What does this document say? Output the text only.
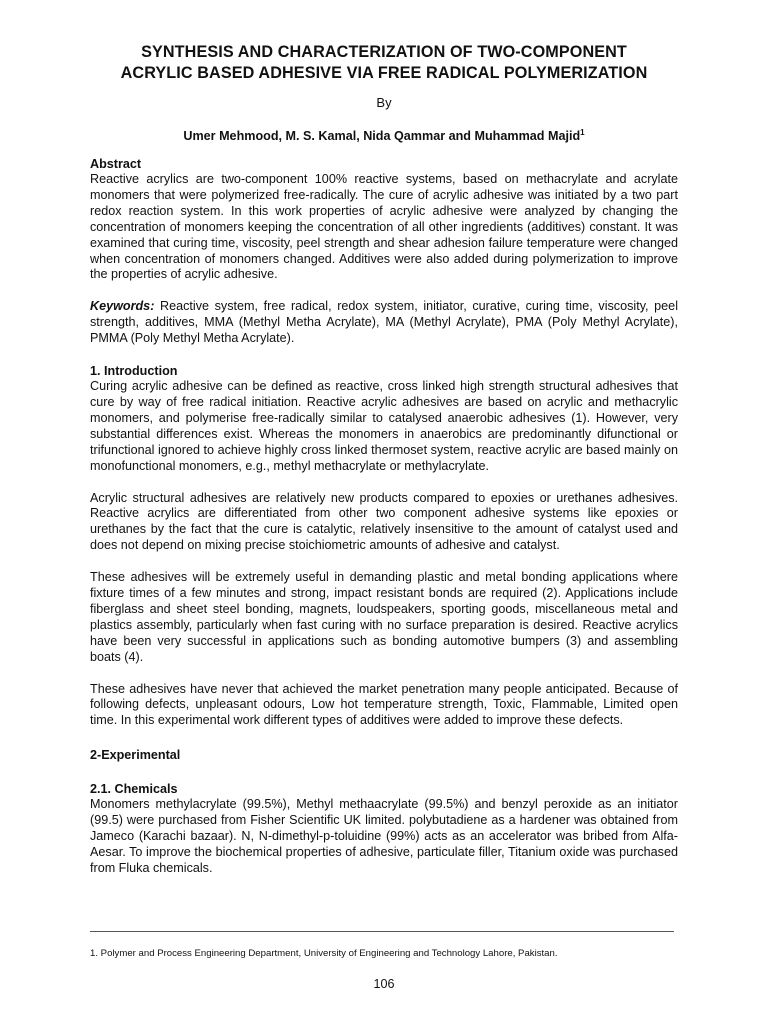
SYNTHESIS AND CHARACTERIZATION OF TWO-COMPONENT
ACRYLIC BASED ADHESIVE VIA FREE RADICAL POLYMERIZATION
By
Umer Mehmood, M. S. Kamal, Nida Qammar and Muhammad Majid$^1$
Abstract

Reactive acrylics are two-component 100% reactive systems, based on methacrylate and acrylate monomers that were polymerized free-radically. The cure of acrylic adhesive was initiated by a two part redox reaction system. In this work properties of acrylic adhesive were analyzed by changing the concentration of monomers keeping the concentration of all other ingredients (additives) constant. It was examined that curing time, viscosity, peel strength and shear adhesion failure temperature were changed when concentration of monomers changed. Additives were also added during polymerization to improve the properties of acrylic adhesive.

Keywords: Reactive system, free radical, redox system, initiator, curative, curing time, viscosity, peel strength, additives, MMA (Methyl Metha Acrylate), MA (Methyl Acrylate), PMA (Poly Methyl Acrylate), PMMA (Poly Methyl Metha Acrylate).

1. Introduction

Curing acrylic adhesive can be defined as reactive, cross linked high strength structural adhesives that cure by way of free radical initiation. Reactive acrylic adhesives are based on acrylic and methacrylic monomers, and polymerise free-radically similar to catalysed anaerobic adhesives (1). However, very substantial differences exist. Whereas the monomers in anaerobics are predominantly difunctional or trifunctional ignored to achieve highly cross linked thermoset system, reactive acrylic are based mainly on monofunctional monomers, e.g., methyl methacrylate or methylacrylate.

Acrylic structural adhesives are relatively new products compared to epoxies or urethanes adhesives. Reactive acrylics are differentiated from other two component adhesive systems like epoxies or urethanes by the fact that the cure is catalytic, relatively insensitive to the amount of catalyst used and does not depend on mixing precise stoichiometric amounts of adhesive and catalyst.

These adhesives will be extremely useful in demanding plastic and metal bonding applications where fixture times of a few minutes and strong, impact resistant bonds are required (2). Applications include fiberglass and sheet steel bonding, magnets, loudspeakers, sporting goods, miscellaneous metal and plastics assembly, particularly when fast curing with no surface preparation is desired. Reactive acrylics have been very successful in applications such as bonding automotive bumpers (3) and assembling boats (4).

These adhesives have never that achieved the market penetration many people anticipated. Because of following defects, unpleasant odours, Low hot temperature strength, Toxic, Flammable, Limited open time. In this experimental work different types of additives were added to improve these defects.

2-Experimental
2.1. Chemicals

Monomers methylacrylate (99.5%), Methyl methaacrylate (99.5%) and benzyl peroxide as an initiator (99.5) were purchased from Fisher Scientific UK limited. polybutadiene as a hardener was obtained from Jameco (Karachi bazaar). N, N-dimethyl-p-toluidine (99%) acts as an accelerator was bribed from Alfa-Aesar. To improve the biochemical properties of adhesive, particulate filler, Titanium oxide was purchased from Fluka chemicals.

1. Polymer and Process Engineering Department, University of Engineering and Technology Lahore, Pakistan.
106
